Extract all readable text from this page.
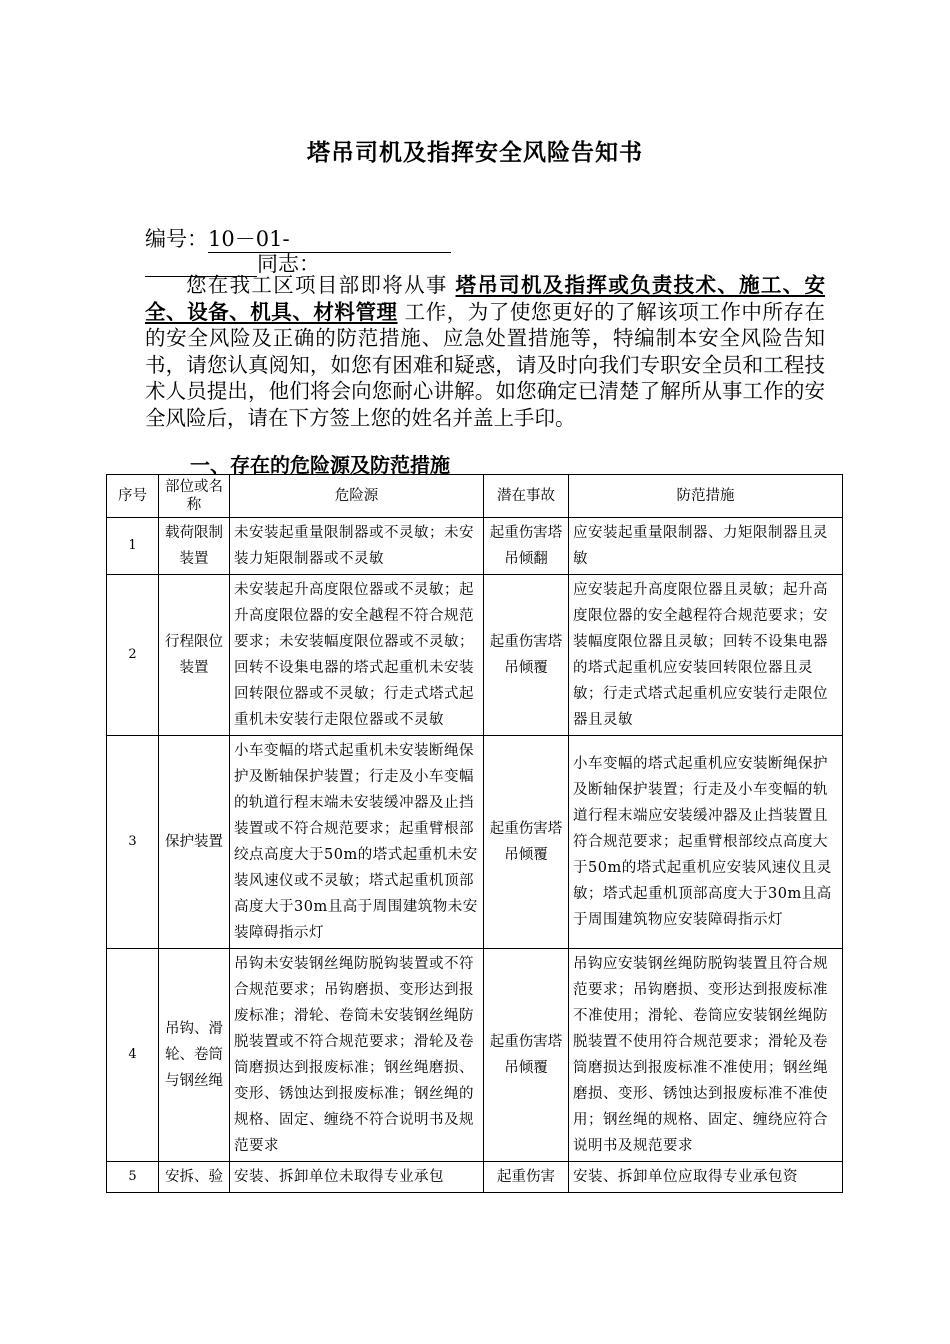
塔吊司机及指挥安全风险告知书
编号：10－01-
同志：
您在我工区项目部即将从事 塔吊司机及指挥或负责技术、施工、安全、设备、机具、材料管理 工作，为了使您更好的了解该项工作中所存在的安全风险及正确的防范措施、应急处置措施等，特编制本安全风险告知书，请您认真阅知，如您有困难和疑惑，请及时向我们专职安全员和工程技术人员提出，他们将会向您耐心讲解。如您确定已清楚了解所从事工作的安全风险后，请在下方签上您的姓名并盖上手印。
一、存在的危险源及防范措施
序号	部位或名称	危险源	潜在事故	防范措施
1	载荷限制装置	未安装起重量限制器或不灵敏；未安装力矩限制器或不灵敏	起重伤害塔吊倾翻	应安装起重量限制器、力矩限制器且灵敏
2	行程限位装置	未安装起升高度限位器或不灵敏；起升高度限位器的安全越程不符合规范要求；未安装幅度限位器或不灵敏；回转不设集电器的塔式起重机未安装回转限位器或不灵敏；行走式塔式起重机未安装行走限位器或不灵敏	起重伤害塔吊倾覆	应安装起升高度限位器且灵敏；起升高度限位器的安全越程符合规范要求；安装幅度限位器且灵敏；回转不设集电器的塔式起重机应安装回转限位器且灵敏；行走式塔式起重机应安装行走限位器且灵敏
3	保护装置	小车变幅的塔式起重机未安装断绳保护及断轴保护装置；行走及小车变幅的轨道行程末端未安装缓冲器及止挡装置或不符合规范要求；起重臂根部绞点高度大于50m的塔式起重机未安装风速仪或不灵敏；塔式起重机顶部高度大于30m且高于周围建筑物未安装障碍指示灯	起重伤害塔吊倾覆	小车变幅的塔式起重机应安装断绳保护及断轴保护装置；行走及小车变幅的轨道行程末端应安装缓冲器及止挡装置且符合规范要求；起重臂根部绞点高度大于50m的塔式起重机应安装风速仪且灵敏；塔式起重机顶部高度大于30m且高于周围建筑物应安装障碍指示灯
4	吊钩、滑轮、卷筒与钢丝绳	吊钩未安装钢丝绳防脱钩装置或不符合规范要求；吊钩磨损、变形达到报废标准；滑轮、卷筒未安装钢丝绳防脱装置或不符合规范要求；滑轮及卷筒磨损达到报废标准；钢丝绳磨损、变形、锈蚀达到报废标准；钢丝绳的规格、固定、缠绕不符合说明书及规范要求	起重伤害塔吊倾覆	吊钩应安装钢丝绳防脱钩装置且符合规范要求；吊钩磨损、变形达到报废标准不准使用；滑轮、卷筒应安装钢丝绳防脱装置不使用符合规范要求；滑轮及卷筒磨损达到报废标准不准使用；钢丝绳磨损、变形、锈蚀达到报废标准不准使用；钢丝绳的规格、固定、缠绕应符合说明书及规范要求
5	安拆、验	安装、拆卸单位未取得专业承包	起重伤害	安装、拆卸单位应取得专业承包资
